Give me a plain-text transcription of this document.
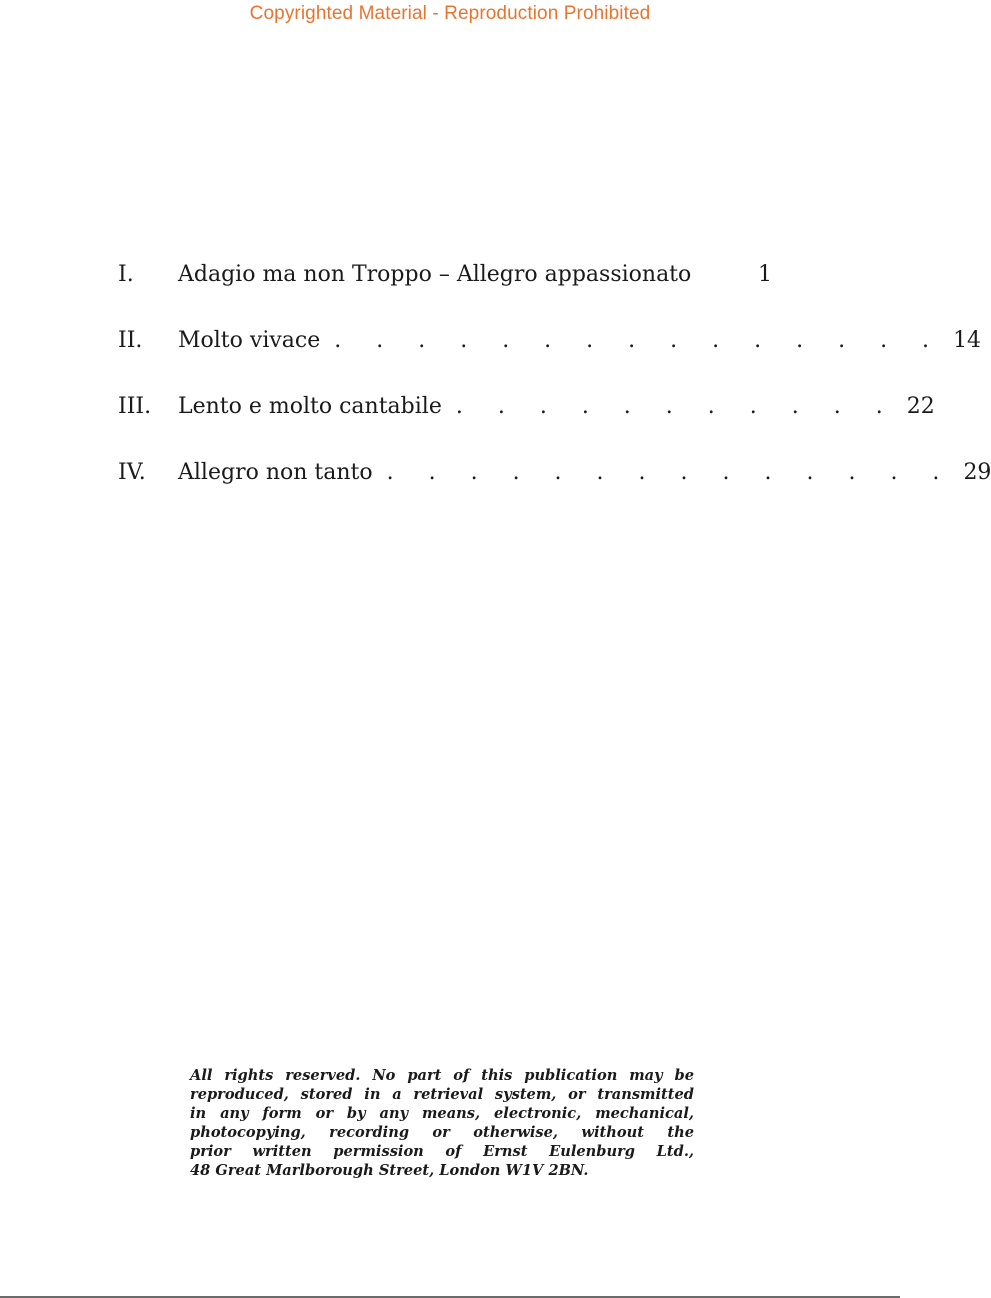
Copyrighted Material - Reproduction Prohibited
I.	Adagio ma non Troppo – Allegro appassionato	1
II.	Molto vivace . . . . . . . . . . . . . . . 14
III.	Lento e molto cantabile . . . . . . . . . . . 22
IV.	Allegro non tanto . . . . . . . . . . . . . . 29
All rights reserved. No part of this publication may be
reproduced, stored in a retrieval system, or transmitted
in any form or by any means, electronic, mechanical,
photocopying, recording or otherwise, without the
prior written permission of Ernst Eulenburg Ltd.,
48 Great Marlborough Street, London W1V 2BN.
